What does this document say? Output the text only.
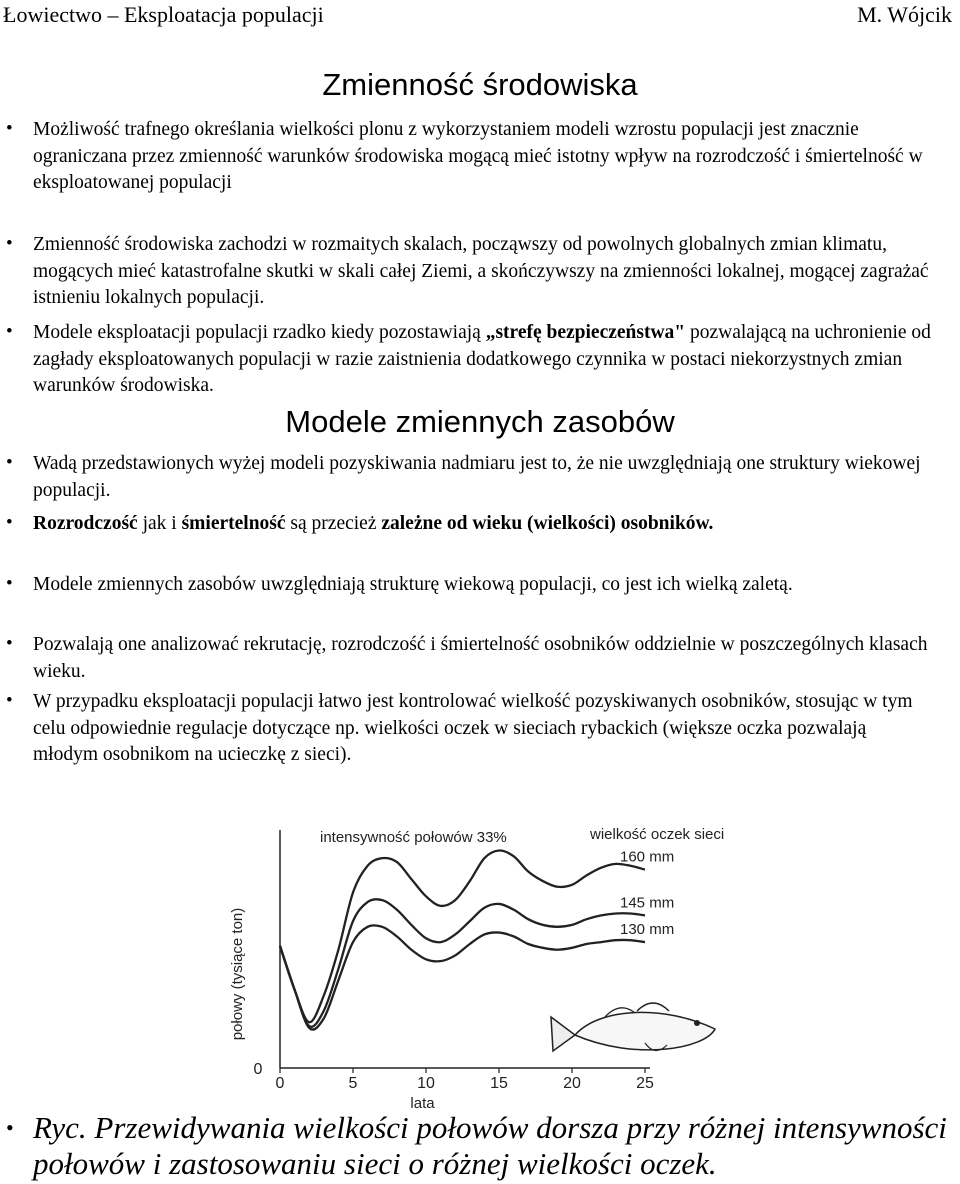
Łowiectwo – Eksploatacja populacji	M. Wójcik
Zmienność środowiska
• Możliwość trafnego określania wielkości plonu z wykorzystaniem modeli wzrostu populacji jest znacznie ograniczana przez zmienność warunków środowiska mogącą mieć istotny wpływ na rozrodczość i śmiertelność w eksploatowanej populacji
• Zmienność środowiska zachodzi w rozmaitych skalach, począwszy od powolnych globalnych zmian klimatu, mogących mieć katastrofalne skutki w skali całej Ziemi, a skończywszy na zmienności lokalnej, mogącej zagrażać istnieniu lokalnych populacji.
• Modele eksploatacji populacji rzadko kiedy pozostawiają „strefę bezpieczeństwa" pozwalającą na uchronienie od zagłady eksploatowanych populacji w razie zaistnienia dodatkowego czynnika w postaci niekorzystnych zmian warunków środowiska.
Modele zmiennych zasobów
• Wadą przedstawionych wyżej modeli pozyskiwania nadmiaru jest to, że nie uwzględniają one struktury wiekowej populacji.
• Rozrodczość jak i śmiertelność są przecież zależne od wieku (wielkości) osobników.
• Modele zmiennych zasobów uwzględniają strukturę wiekową populacji, co jest ich wielką zaletą.
• Pozwalają one analizować rekrutację, rozrodczość i śmiertelność osobników oddzielnie w poszczególnych klasach wieku.
• W przypadku eksploatacji populacji łatwo jest kontrolować wielkość pozyskiwanych osobników, stosując w tym celu odpowiednie regulacje dotyczące np. wielkości oczek w sieciach rybackich (większe oczka pozwalają młodym osobnikom na ucieczkę z sieci).
intensywność połowów 33%	wielkość oczek sieci
160 mm
145 mm
130 mm
0	5	10	15	20	25
0
lata
połowy (tysiące ton)
• Ryc. Przewidywania wielkości połowów dorsza przy różnej intensywności połowów i zastosowaniu sieci o różnej wielkości oczek.
